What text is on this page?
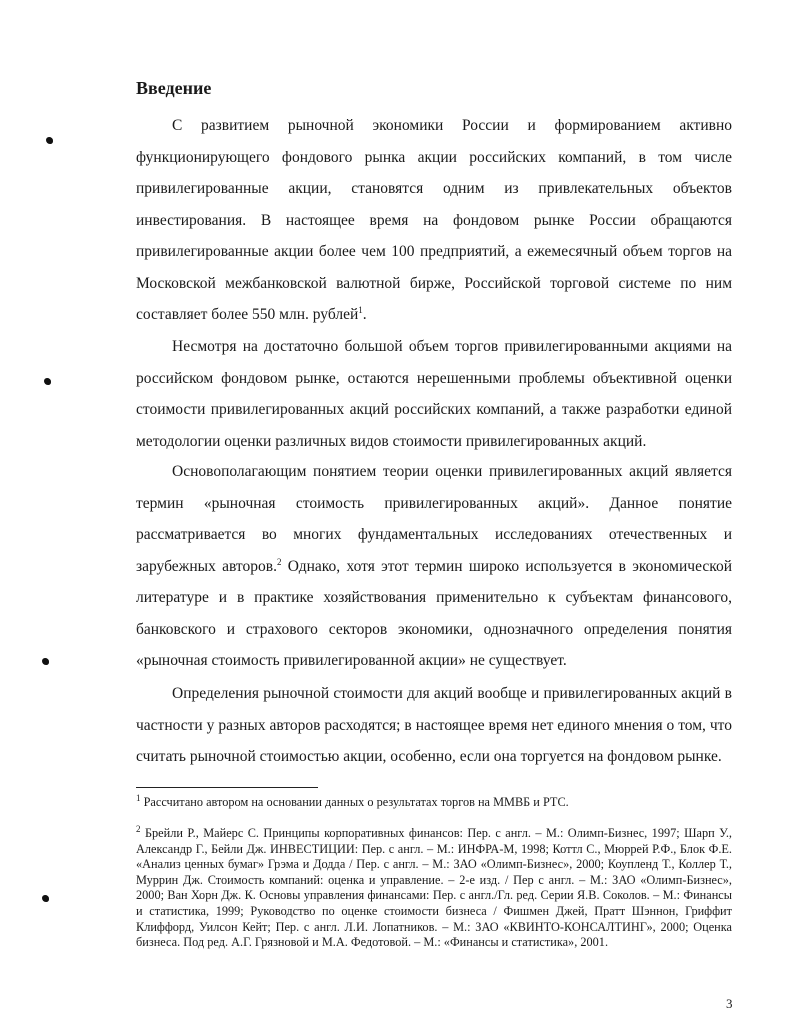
Введение

С развитием рыночной экономики России и формированием активно функционирующего фондового рынка акции российских компаний, в том числе привилегированные акции, становятся одним из привлекательных объектов инвестирования. В настоящее время на фондовом рынке России обращаются привилегированные акции более чем 100 предприятий, а ежемесячный объем торгов на Московской межбанковской валютной бирже, Российской торговой системе по ним составляет более 550 млн. рублей$^1$.

Несмотря на достаточно большой объем торгов привилегированными акциями на российском фондовом рынке, остаются нерешенными проблемы объективной оценки стоимости привилегированных акций российских компаний, а также разработки единой методологии оценки различных видов стоимости привилегированных акций.

Основополагающим понятием теории оценки привилегированных акций является термин «рыночная стоимость привилегированных акций». Данное понятие рассматривается во многих фундаментальных исследованиях отечественных и зарубежных авторов.$^2$ Однако, хотя этот термин широко используется в экономической литературе и в практике хозяйствования применительно к субъектам финансового, банковского и страхового секторов экономики, однозначного определения понятия «рыночная стоимость привилегированной акции» не существует.

Определения рыночной стоимости для акций вообще и привилегированных акций в частности у разных авторов расходятся; в настоящее время нет единого мнения о том, что считать рыночной стоимостью акции, особенно, если она торгуется на фондовом рынке.

$^1$ Рассчитано автором на основании данных о результатах торгов на ММВБ и РТС.

$^2$ Брейли Р., Майерс С. Принципы корпоративных финансов: Пер. с англ. – М.: Олимп-Бизнес, 1997; Шарп У., Александр Г., Бейли Дж. ИНВЕСТИЦИИ: Пер. с англ. – М.: ИНФРА-М, 1998; Коттл С., Мюррей Р.Ф., Блок Ф.Е. «Анализ ценных бумаг» Грэма и Додда / Пер. с англ. – М.: ЗАО «Олимп-Бизнес», 2000; Коупленд Т., Коллер Т., Муррин Дж. Стоимость компаний: оценка и управление. – 2-е изд. / Пер с англ. – М.: ЗАО «Олимп-Бизнес», 2000; Ван Хорн Дж. К. Основы управления финансами: Пер. с англ./Гл. ред. Серии Я.В. Соколов. – М.: Финансы и статистика, 1999; Руководство по оценке стоимости бизнеса / Фишмен Джей, Пратт Шэннон, Гриффит Клиффорд, Уилсон Кейт; Пер. с англ. Л.И. Лопатников. – М.: ЗАО «КВИНТО-КОНСАЛТИНГ», 2000; Оценка бизнеса. Под ред. А.Г. Грязновой и М.А. Федотовой. – М.: «Финансы и статистика», 2001.

3
